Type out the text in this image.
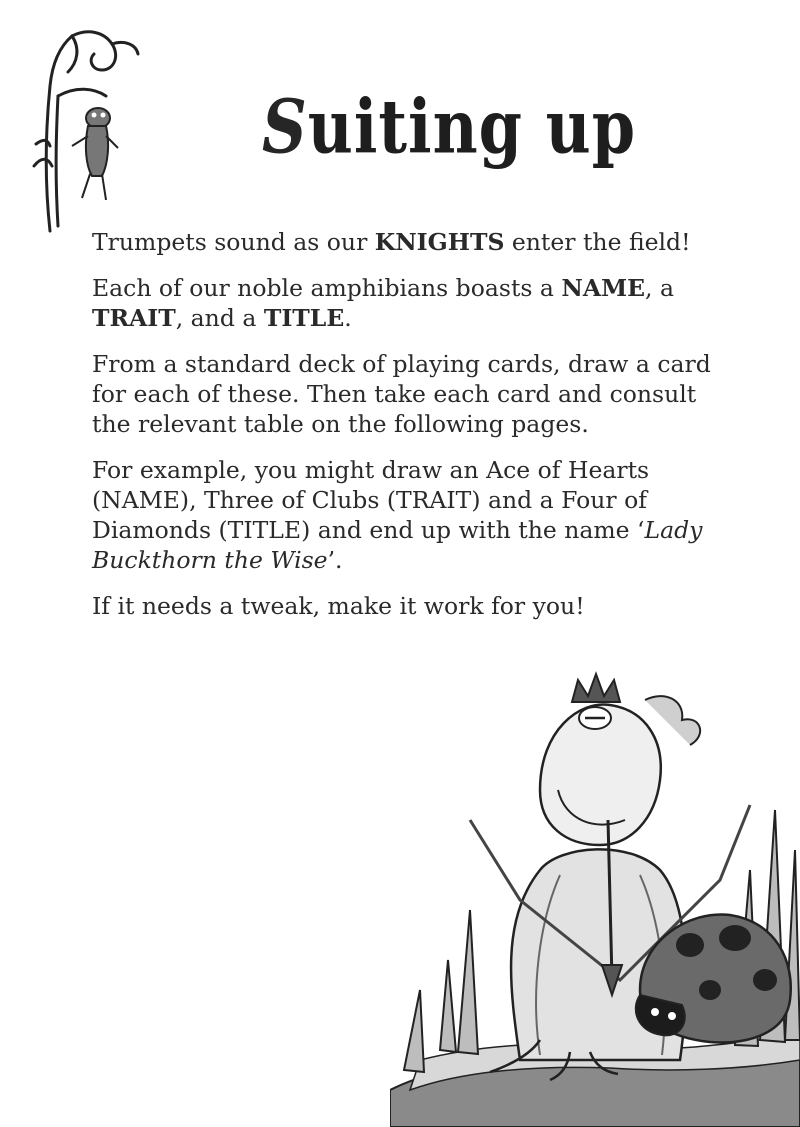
Suiting up

Trumpets sound as our KNIGHTS enter the field!

Each of our noble amphibians boasts a NAME, a TRAIT, and a TITLE.

From a standard deck of playing cards, draw a card for each of these. Then take each card and consult the relevant table on the following pages.

For example, you might draw an Ace of Hearts (NAME), Three of Clubs (TRAIT) and a Four of Diamonds (TITLE) and end up with the name ‘Lady Buckthorn the Wise’.

If it needs a tweak, make it work for you!
